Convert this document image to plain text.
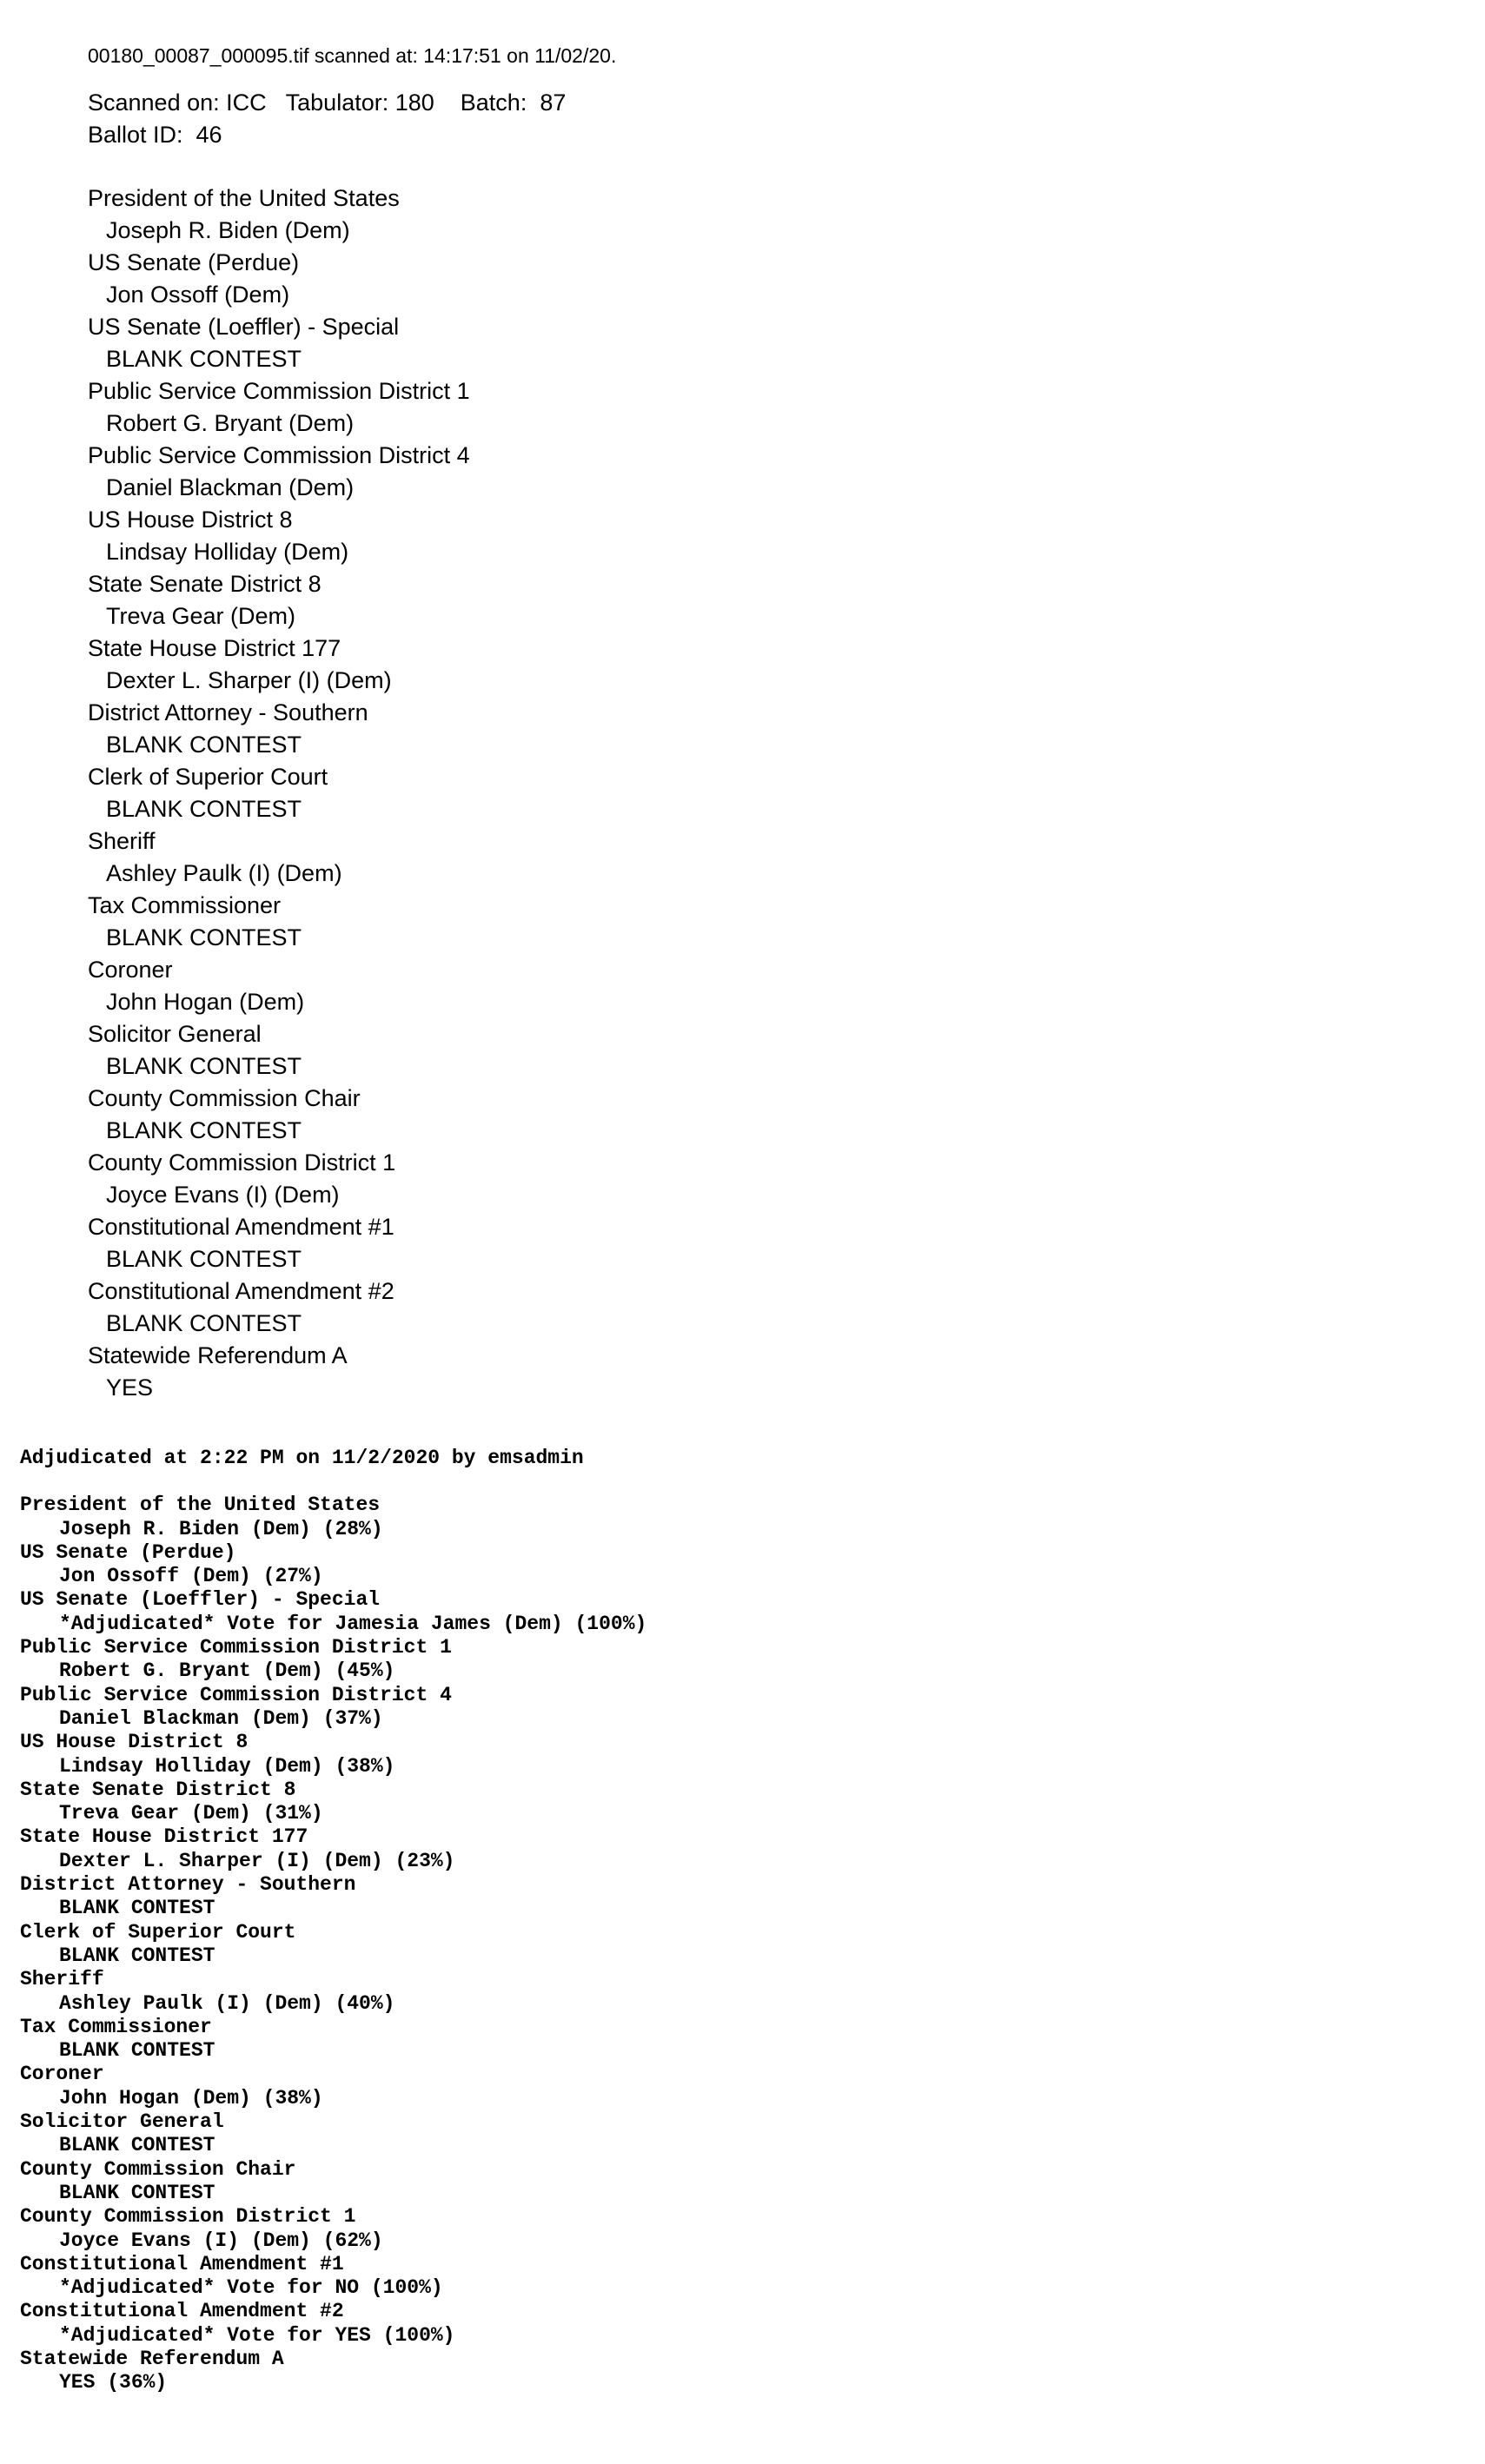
00180_00087_000095.tif scanned at: 14:17:51 on 11/02/20.
Scanned on: ICC   Tabulator: 180    Batch:  87
Ballot ID:  46
President of the United States
Joseph R. Biden (Dem)
US Senate (Perdue)
Jon Ossoff (Dem)
US Senate (Loeffler) - Special
BLANK CONTEST
Public Service Commission District 1
Robert G. Bryant (Dem)
Public Service Commission District 4
Daniel Blackman (Dem)
US House District 8
Lindsay Holliday (Dem)
State Senate District 8
Treva Gear (Dem)
State House District 177
Dexter L. Sharper (I) (Dem)
District Attorney - Southern
BLANK CONTEST
Clerk of Superior Court
BLANK CONTEST
Sheriff
Ashley Paulk (I) (Dem)
Tax Commissioner
BLANK CONTEST
Coroner
John Hogan (Dem)
Solicitor General
BLANK CONTEST
County Commission Chair
BLANK CONTEST
County Commission District 1
Joyce Evans (I) (Dem)
Constitutional Amendment #1
BLANK CONTEST
Constitutional Amendment #2
BLANK CONTEST
Statewide Referendum A
YES
Adjudicated at 2:22 PM on 11/2/2020 by emsadmin
President of the United States
Joseph R. Biden (Dem) (28%)
US Senate (Perdue)
Jon Ossoff (Dem) (27%)
US Senate (Loeffler) - Special
*Adjudicated* Vote for Jamesia James (Dem) (100%)
Public Service Commission District 1
Robert G. Bryant (Dem) (45%)
Public Service Commission District 4
Daniel Blackman (Dem) (37%)
US House District 8
Lindsay Holliday (Dem) (38%)
State Senate District 8
Treva Gear (Dem) (31%)
State House District 177
Dexter L. Sharper (I) (Dem) (23%)
District Attorney - Southern
BLANK CONTEST
Clerk of Superior Court
BLANK CONTEST
Sheriff
Ashley Paulk (I) (Dem) (40%)
Tax Commissioner
BLANK CONTEST
Coroner
John Hogan (Dem) (38%)
Solicitor General
BLANK CONTEST
County Commission Chair
BLANK CONTEST
County Commission District 1
Joyce Evans (I) (Dem) (62%)
Constitutional Amendment #1
*Adjudicated* Vote for NO (100%)
Constitutional Amendment #2
*Adjudicated* Vote for YES (100%)
Statewide Referendum A
YES (36%)
